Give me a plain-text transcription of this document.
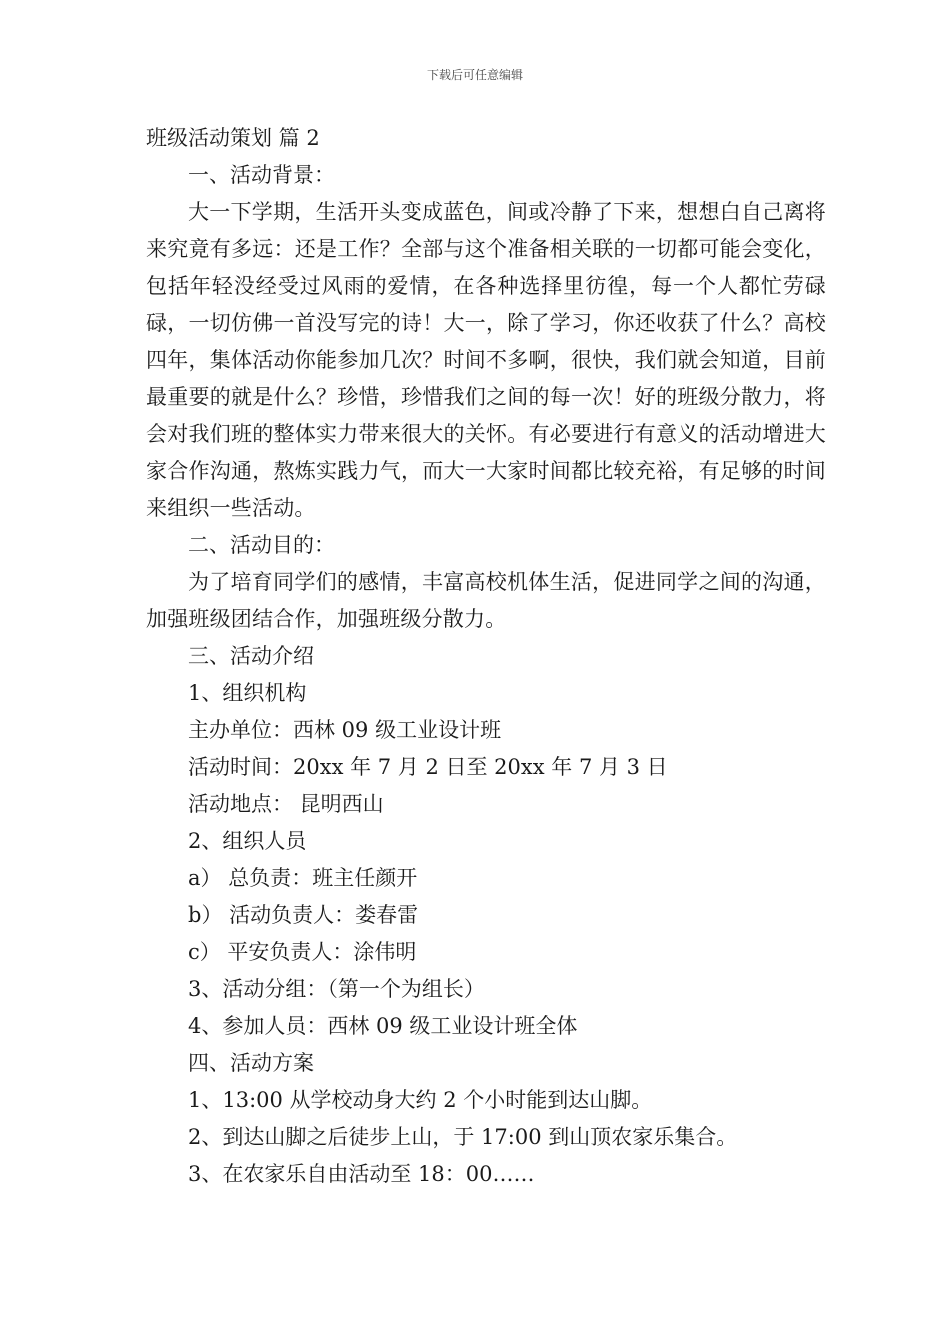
下载后可任意编辑

班级活动策划 篇 2

一、活动背景：

大一下学期，生活开头变成蓝色，间或冷静了下来，想想白自己离将来究竟有多远：还是工作？全部与这个准备相关联的一切都可能会变化，包括年轻没经受过风雨的爱情，在各种选择里彷徨，每一个人都忙劳碌碌，一切仿佛一首没写完的诗！大一，除了学习，你还收获了什么？高校四年，集体活动你能参加几次？时间不多啊，很快，我们就会知道，目前最重要的就是什么？珍惜，珍惜我们之间的每一次！好的班级分散力，将会对我们班的整体实力带来很大的关怀。有必要进行有意义的活动增进大家合作沟通，熬炼实践力气，而大一大家时间都比较充裕，有足够的时间来组织一些活动。

二、活动目的：

为了培育同学们的感情，丰富高校机体生活，促进同学之间的沟通，加强班级团结合作，加强班级分散力。

三、活动介绍

1、组织机构

主办单位：西林 09 级工业设计班

活动时间：20xx 年 7 月 2 日至 20xx 年 7 月 3 日

活动地点： 昆明西山

2、组织人员

a） 总负责：班主任颜开

b） 活动负责人：娄春雷

c） 平安负责人：涂伟明

3、活动分组：（第一个为组长）

4、参加人员：西林 09 级工业设计班全体

四、活动方案

1、13:00 从学校动身大约 2 个小时能到达山脚。

2、到达山脚之后徒步上山，于 17:00 到山顶农家乐集合。

3、在农家乐自由活动至 18：00……
